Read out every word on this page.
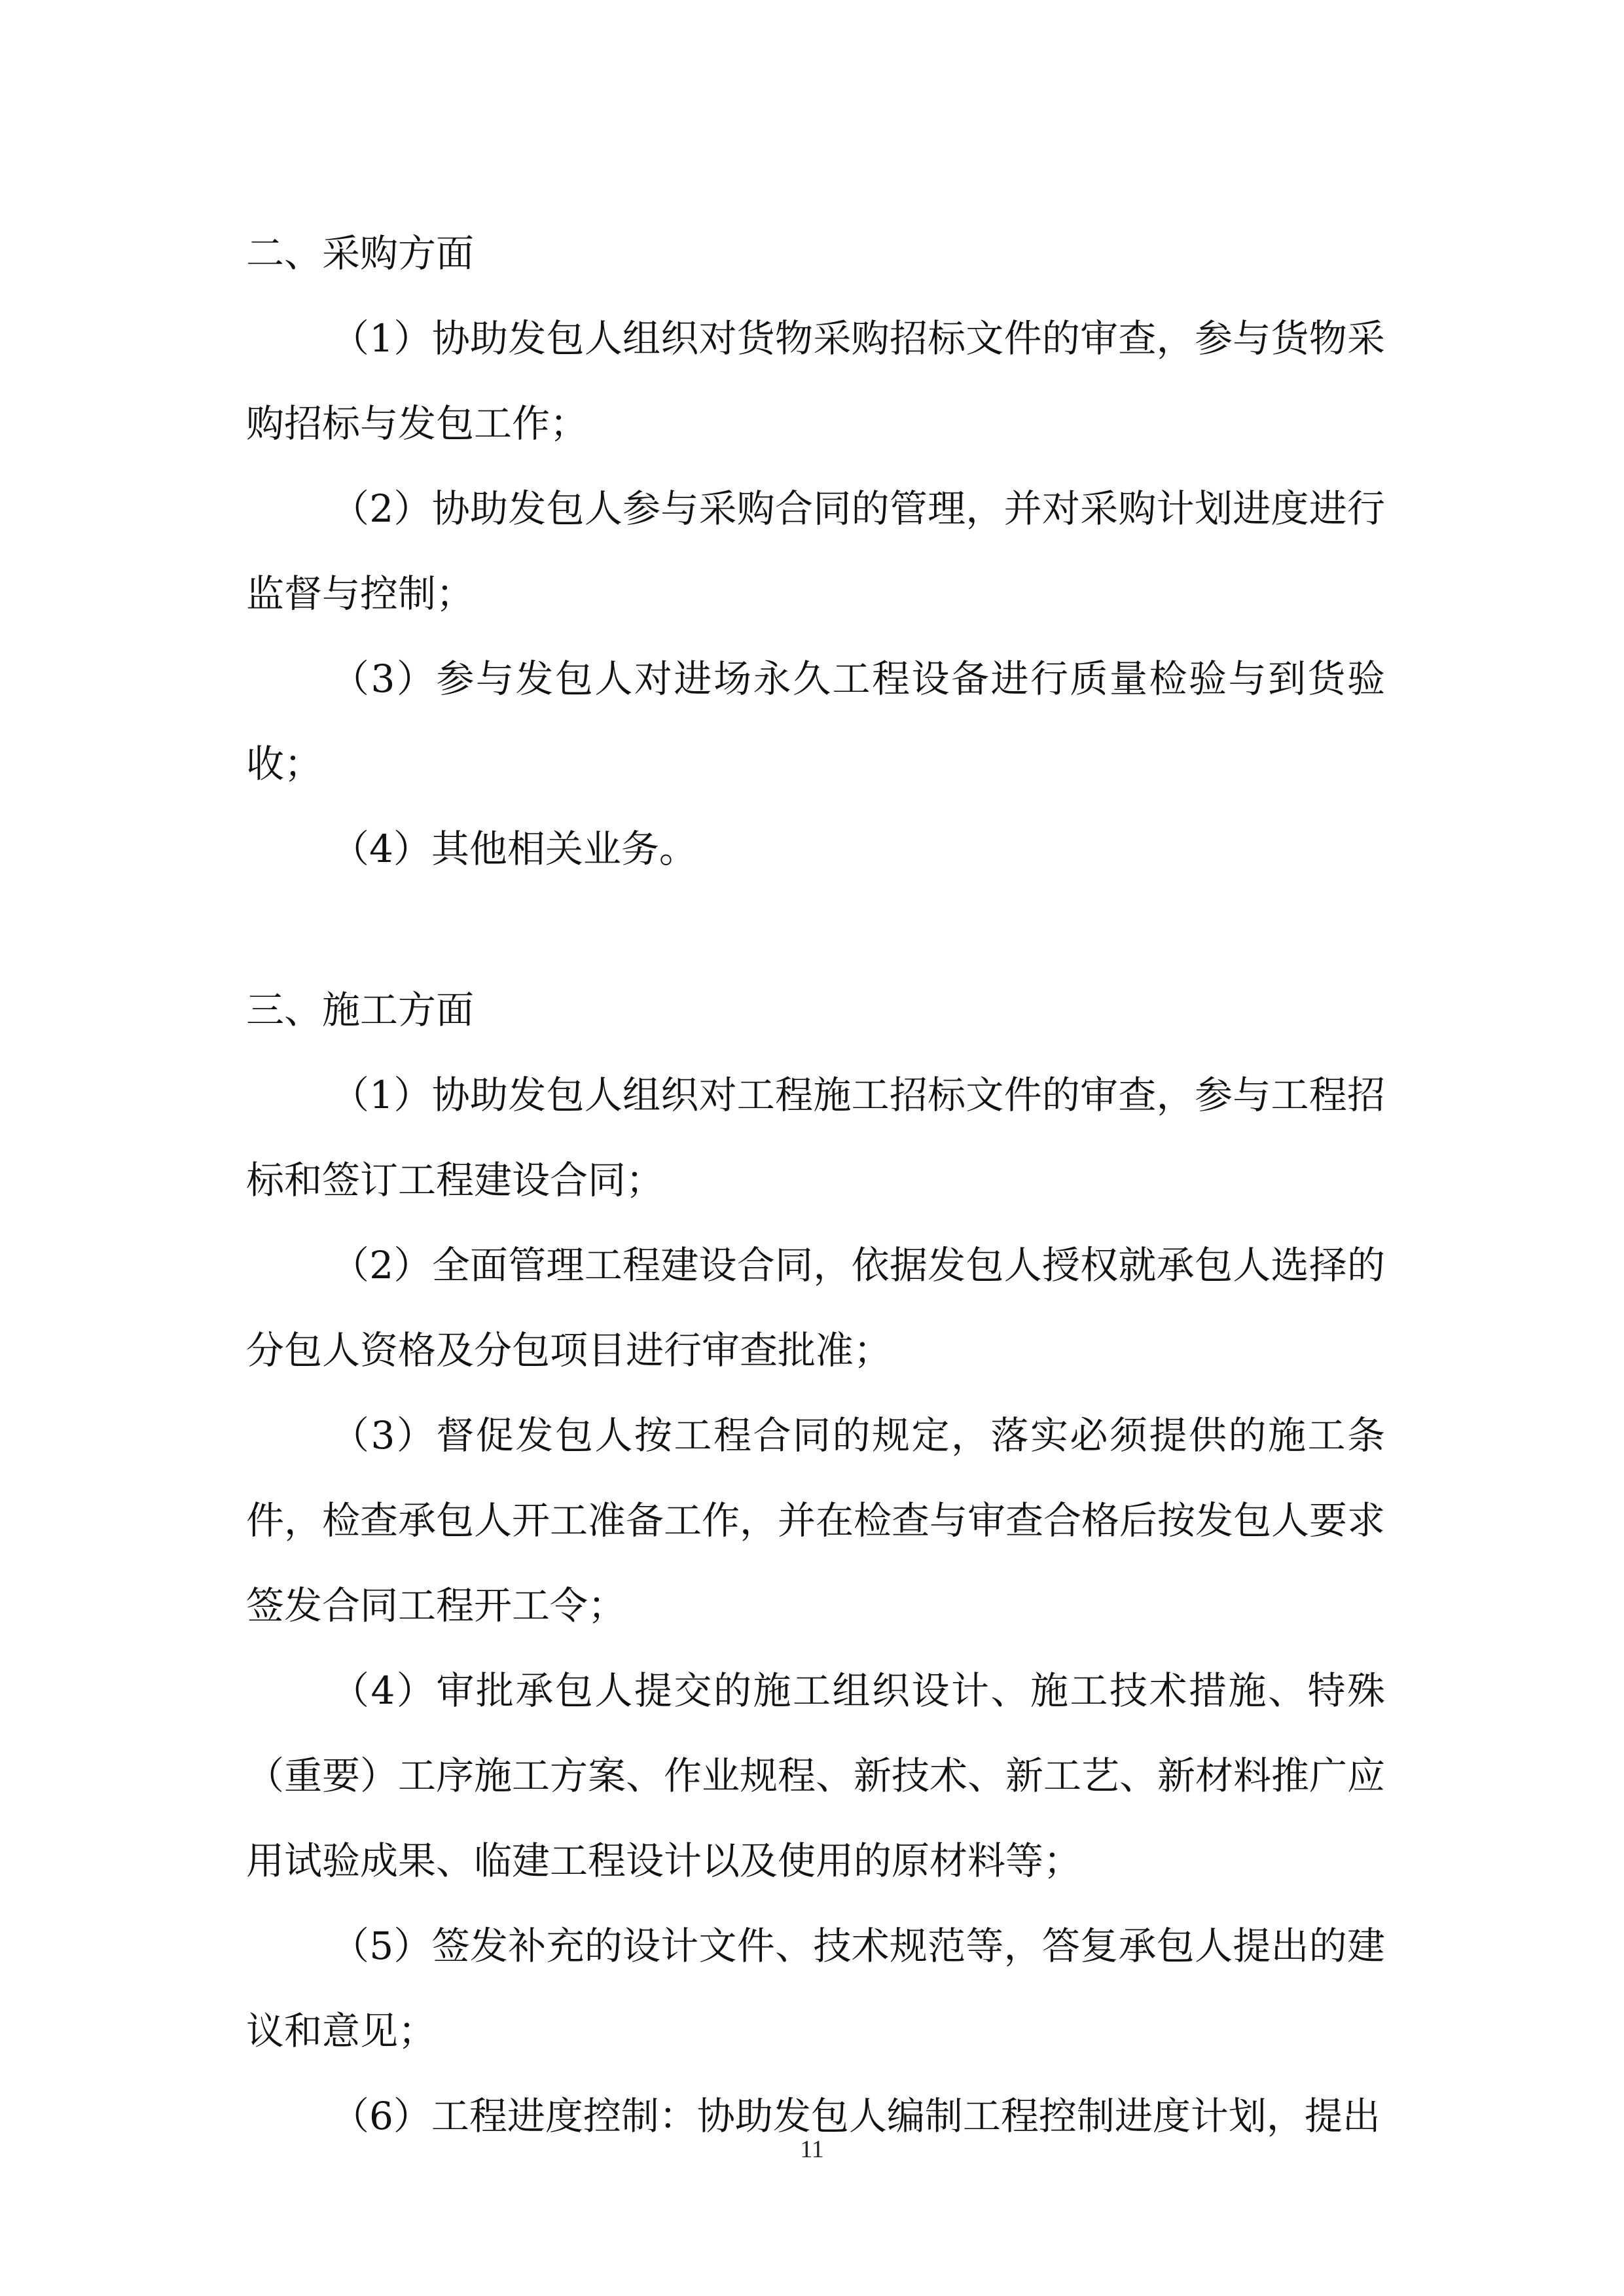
二、采购方面

（1）协助发包人组织对货物采购招标文件的审查，参与货物采购招标与发包工作；

（2）协助发包人参与采购合同的管理，并对采购计划进度进行监督与控制；

（3）参与发包人对进场永久工程设备进行质量检验与到货验收；

（4）其他相关业务。

三、施工方面

（1）协助发包人组织对工程施工招标文件的审查，参与工程招标和签订工程建设合同；

（2）全面管理工程建设合同，依据发包人授权就承包人选择的分包人资格及分包项目进行审查批准；

（3）督促发包人按工程合同的规定，落实必须提供的施工条件，检查承包人开工准备工作，并在检查与审查合格后按发包人要求签发合同工程开工令；

（4）审批承包人提交的施工组织设计、施工技术措施、特殊（重要）工序施工方案、作业规程、新技术、新工艺、新材料推广应用试验成果、临建工程设计以及使用的原材料等；

（5）签发补充的设计文件、技术规范等，答复承包人提出的建议和意见；

（6）工程进度控制：协助发包人编制工程控制进度计划，提出

11
